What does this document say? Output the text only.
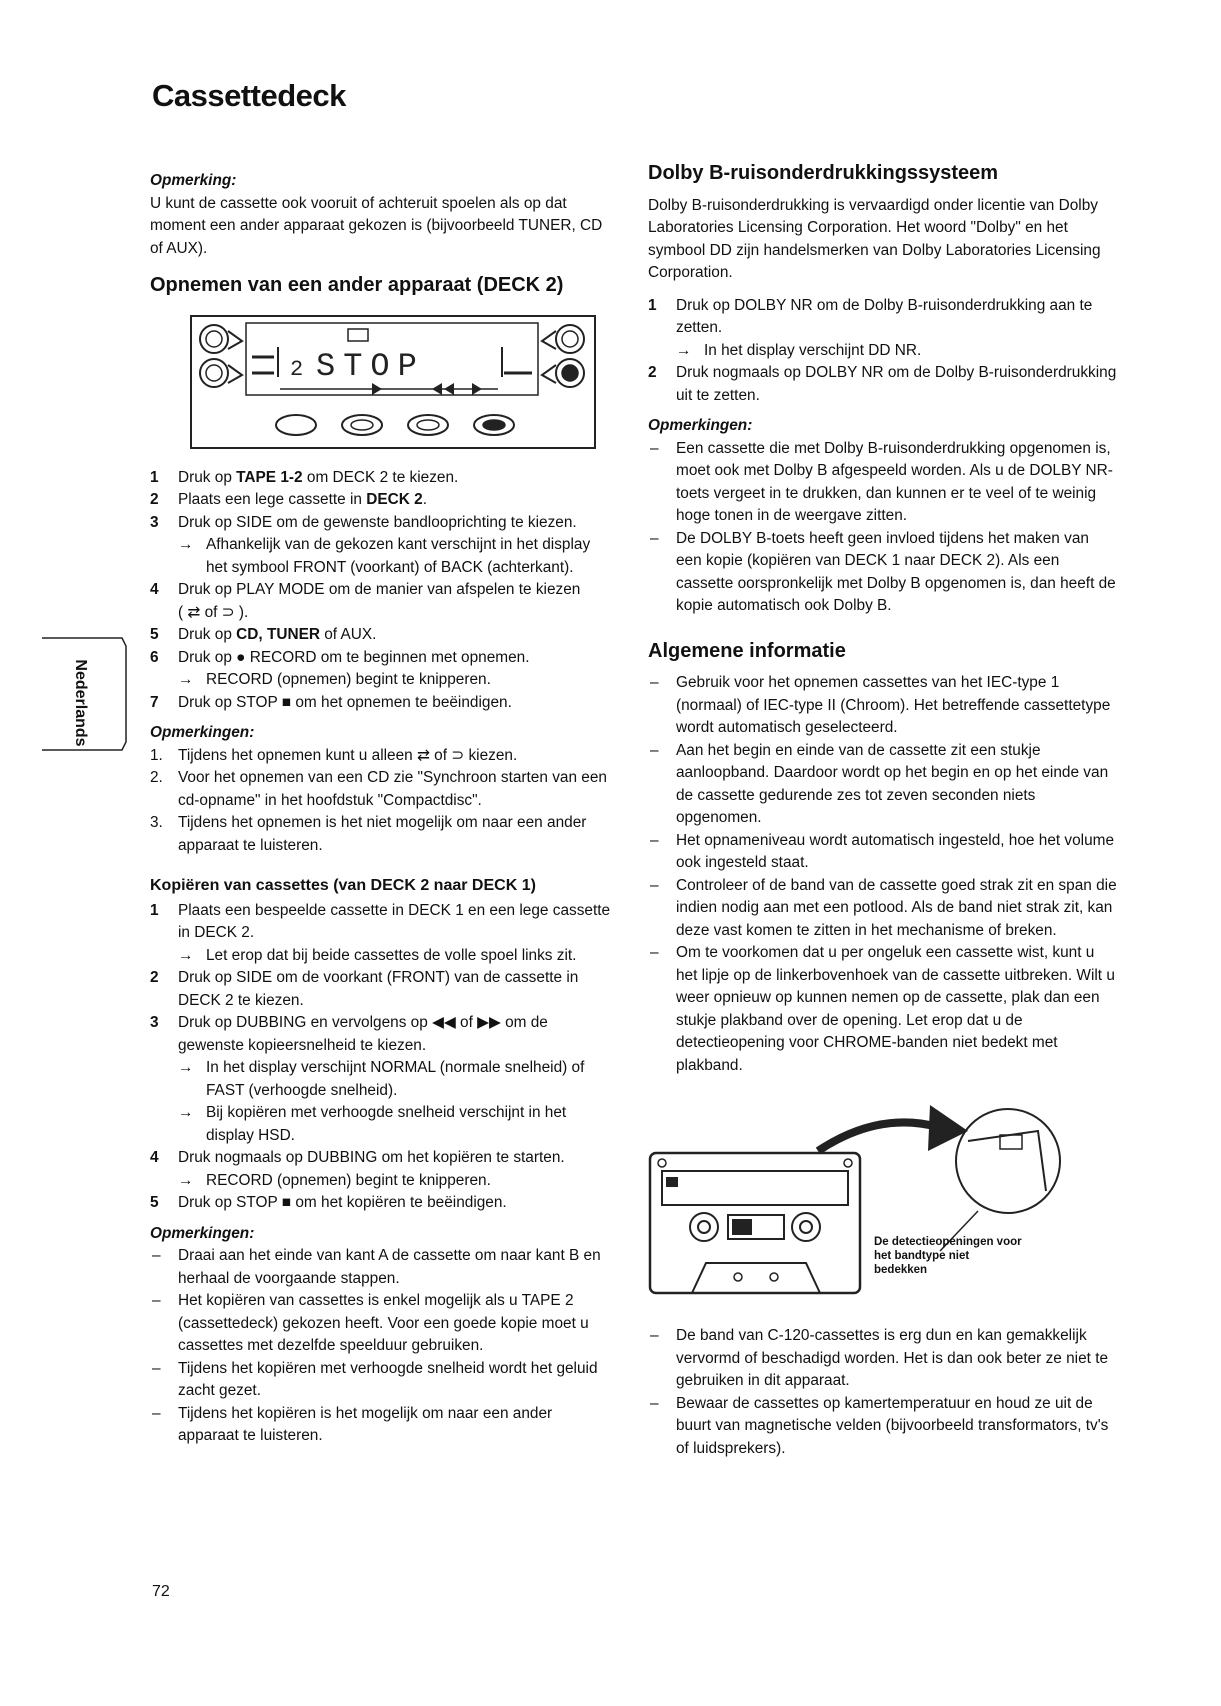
Cassettedeck
Opmerking:

U kunt de cassette ook vooruit of achteruit spoelen als op dat moment een ander apparaat gekozen is (bijvoorbeeld TUNER, CD of AUX).

Opnemen van een ander apparaat (DECK 2)
2 STOP
1 Druk op TAPE 1-2 om DECK 2 te kiezen.
2 Plaats een lege cassette in DECK 2.
3 Druk op SIDE om de gewenste bandlooprichting te kiezen.
→ Afhankelijk van de gekozen kant verschijnt in het display het symbool FRONT (voorkant) of BACK (achterkant).
4 Druk op PLAY MODE om de manier van afspelen te kiezen
( ⇄ of ⊃ ).
5 Druk op CD, TUNER of AUX.
6 Druk op ● RECORD om te beginnen met opnemen.
→ RECORD (opnemen) begint te knipperen.
7 Druk op STOP ■ om het opnemen te beëindigen.
Opmerkingen:
1. Tijdens het opnemen kunt u alleen ⇄ of ⊃ kiezen.
2. Voor het opnemen van een CD zie "Synchroon starten van een cd-opname" in het hoofdstuk "Compactdisc".
3. Tijdens het opnemen is het niet mogelijk om naar een ander apparaat te luisteren.
Kopiëren van cassettes (van DECK 2 naar DECK 1)
1 Plaats een bespeelde cassette in DECK 1 en een lege cassette in DECK 2.
→ Let erop dat bij beide cassettes de volle spoel links zit.
2 Druk op SIDE om de voorkant (FRONT) van de cassette in DECK 2 te kiezen.
3 Druk op DUBBING en vervolgens op ◀◀ of ▶▶ om de gewenste kopieersnelheid te kiezen.
→ In het display verschijnt NORMAL (normale snelheid) of FAST (verhoogde snelheid).
→ Bij kopiëren met verhoogde snelheid verschijnt in het display HSD.
4 Druk nogmaals op DUBBING om het kopiëren te starten.
→ RECORD (opnemen) begint te knipperen.
5 Druk op STOP ■ om het kopiëren te beëindigen.
Opmerkingen:
– Draai aan het einde van kant A de cassette om naar kant B en herhaal de voorgaande stappen.
– Het kopiëren van cassettes is enkel mogelijk als u TAPE 2 (cassettedeck) gekozen heeft. Voor een goede kopie moet u cassettes met dezelfde speelduur gebruiken.
– Tijdens het kopiëren met verhoogde snelheid wordt het geluid zacht gezet.
– Tijdens het kopiëren is het mogelijk om naar een ander apparaat te luisteren.
Dolby B-ruisonderdrukkingssysteem

Dolby B-ruisonderdrukking is vervaardigd onder licentie van Dolby Laboratories Licensing Corporation. Het woord "Dolby" en het symbool DD zijn handelsmerken van Dolby Laboratories Licensing Corporation.

1 Druk op DOLBY NR om de Dolby B-ruisonderdrukking aan te zetten.
→ In het display verschijnt DD NR.
2 Druk nogmaals op DOLBY NR om de Dolby B-ruisonderdrukking uit te zetten.
Opmerkingen:
– Een cassette die met Dolby B-ruisonderdrukking opgenomen is, moet ook met Dolby B afgespeeld worden. Als u de DOLBY NR-toets vergeet in te drukken, dan kunnen er te veel of te weinig hoge tonen in de weergave zitten.
– De DOLBY B-toets heeft geen invloed tijdens het maken van een kopie (kopiëren van DECK 1 naar DECK 2). Als een cassette oorspronkelijk met Dolby B opgenomen is, dan heeft de kopie automatisch ook Dolby B.
Algemene informatie
– Gebruik voor het opnemen cassettes van het IEC-type 1 (normaal) of IEC-type II (Chroom). Het betreffende cassettetype wordt automatisch geselecteerd.
– Aan het begin en einde van de cassette zit een stukje aanloopband. Daardoor wordt op het begin en op het einde van de cassette gedurende zes tot zeven seconden niets opgenomen.
– Het opnameniveau wordt automatisch ingesteld, hoe het volume ook ingesteld staat.
– Controleer of de band van de cassette goed strak zit en span die indien nodig aan met een potlood. Als de band niet strak zit, kan deze vast komen te zitten in het mechanisme of breken.
– Om te voorkomen dat u per ongeluk een cassette wist, kunt u het lipje op de linkerbovenhoek van de cassette uitbreken. Wilt u weer opnieuw op kunnen nemen op de cassette, plak dan een stukje plakband over de opening. Let erop dat u de detectieopening voor CHROME-banden niet bedekt met plakband.
De detectieopeningen voor het bandtype niet bedekken
– De band van C-120-cassettes is erg dun en kan gemakkelijk vervormd of beschadigd worden. Het is dan ook beter ze niet te gebruiken in dit apparaat.
– Bewaar de cassettes op kamertemperatuur en houd ze uit de buurt van magnetische velden (bijvoorbeeld transformators, tv's of luidsprekers).
Nederlands
72
